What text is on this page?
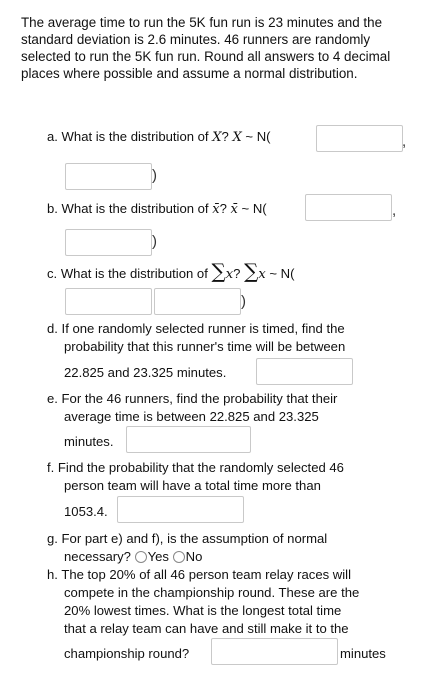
The average time to run the 5K fun run is 23 minutes and the standard deviation is 2.6 minutes. 46 runners are randomly selected to run the 5K fun run. Round all answers to 4 decimal places where possible and assume a normal distribution.
a. What is the distribution of X? X ~ N(	,
)
b. What is the distribution of x̄? x̄ ~ N(	,
)
c. What is the distribution of ∑x? ∑x ~ N(
)
d. If one randomly selected runner is timed, find the
probability that this runner's time will be between
22.825 and 23.325 minutes.
e. For the 46 runners, find the probability that their
average time is between 22.825 and 23.325
minutes.
f. Find the probability that the randomly selected 46
person team will have a total time more than
1053.4.
g. For part e) and f), is the assumption of normal
necessary? Yes No
h. The top 20% of all 46 person team relay races will
compete in the championship round. These are the
20% lowest times. What is the longest total time
that a relay team can have and still make it to the
championship round?	minutes
